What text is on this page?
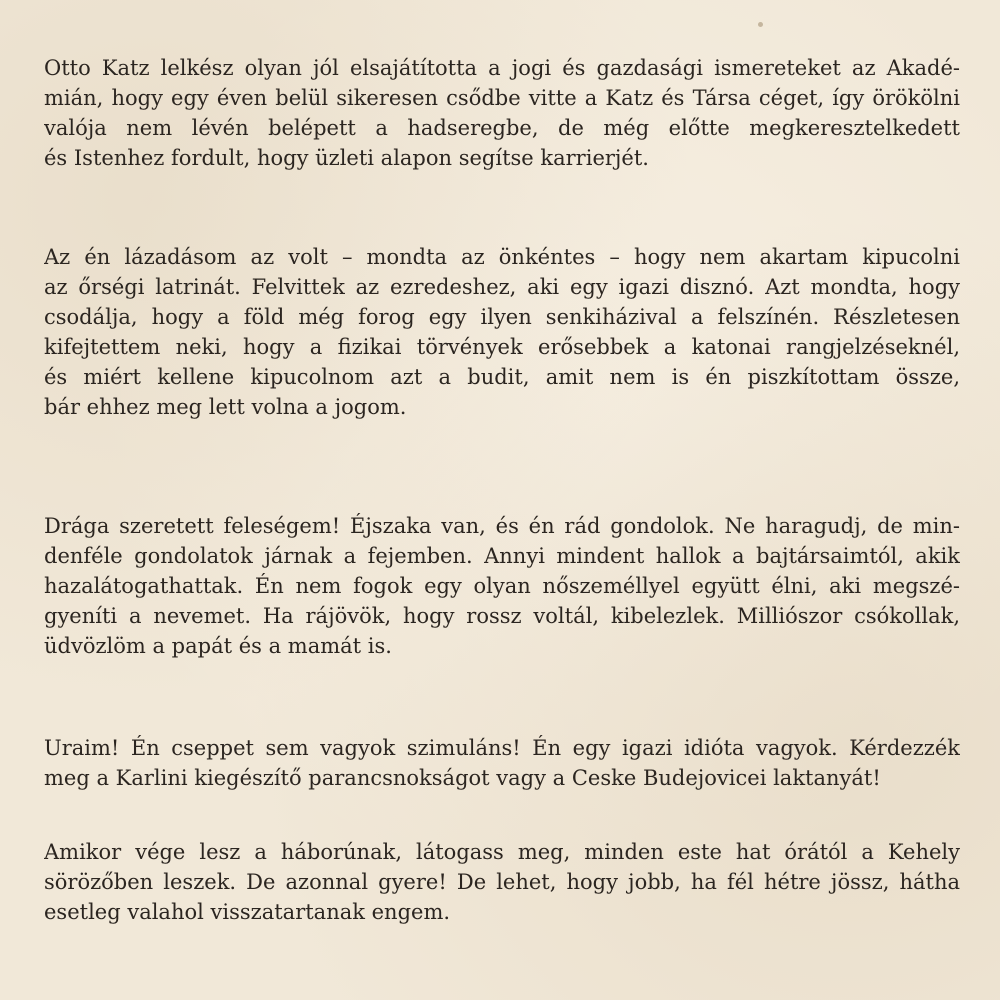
Otto Katz lelkész olyan jól elsajátította a jogi és gazdasági ismereteket az Akadé-
mián, hogy egy éven belül sikeresen csődbe vitte a Katz és Társa céget, így örökölni
valója nem lévén belépett a hadseregbe, de még előtte megkeresztelkedett
és Istenhez fordult, hogy üzleti alapon segítse karrierjét.
Az én lázadásom az volt – mondta az önkéntes – hogy nem akartam kipucolni
az őrségi latrinát. Felvittek az ezredeshez, aki egy igazi disznó. Azt mondta, hogy
csodálja, hogy a föld még forog egy ilyen senkiházival a felszínén. Részletesen
kifejtettem neki, hogy a fizikai törvények erősebbek a katonai rangjelzéseknél,
és miért kellene kipucolnom azt a budit, amit nem is én piszkítottam össze,
bár ehhez meg lett volna a jogom.
Drága szeretett feleségem! Éjszaka van, és én rád gondolok. Ne haragudj, de min-
denféle gondolatok járnak a fejemben. Annyi mindent hallok a bajtársaimtól, akik
hazalátogathattak. Én nem fogok egy olyan nőszeméllyel együtt élni, aki megszé-
gyeníti a nevemet. Ha rájövök, hogy rossz voltál, kibelezlek. Milliószor csókollak,
üdvözlöm a papát és a mamát is.
Uraim! Én cseppet sem vagyok szimuláns! Én egy igazi idióta vagyok. Kérdezzék
meg a Karlini kiegészítő parancsnokságot vagy a Ceske Budejovicei laktanyát!
Amikor vége lesz a háborúnak, látogass meg, minden este hat órától a Kehely
sörözőben leszek. De azonnal gyere! De lehet, hogy jobb, ha fél hétre jössz, hátha
esetleg valahol visszatartanak engem.
